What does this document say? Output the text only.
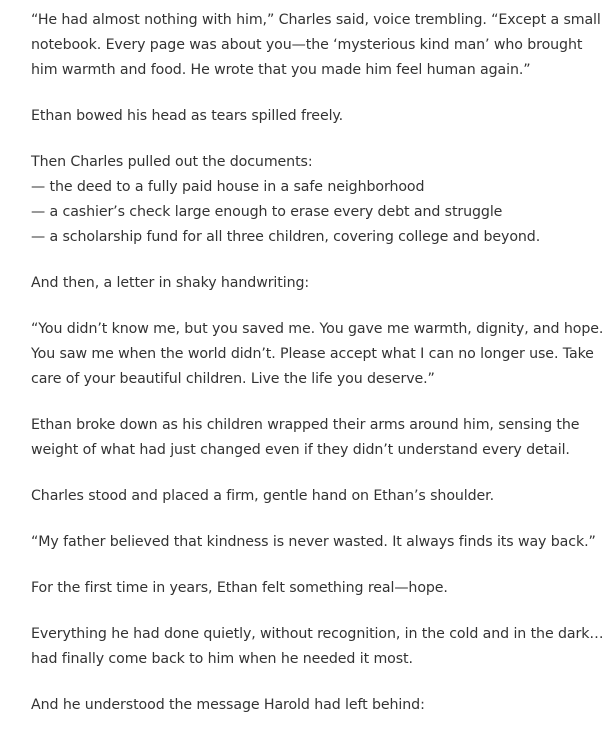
“He had almost nothing with him,” Charles said, voice trembling. “Except a small
notebook. Every page was about you—the ‘mysterious kind man’ who brought
him warmth and food. He wrote that you made him feel human again.”

Ethan bowed his head as tears spilled freely.

Then Charles pulled out the documents:
— the deed to a fully paid house in a safe neighborhood
— a cashier’s check large enough to erase every debt and struggle
— a scholarship fund for all three children, covering college and beyond.

And then, a letter in shaky handwriting:

“You didn’t know me, but you saved me. You gave me warmth, dignity, and hope.
You saw me when the world didn’t. Please accept what I can no longer use. Take
care of your beautiful children. Live the life you deserve.”

Ethan broke down as his children wrapped their arms around him, sensing the
weight of what had just changed even if they didn’t understand every detail.

Charles stood and placed a firm, gentle hand on Ethan’s shoulder.

“My father believed that kindness is never wasted. It always finds its way back.”

For the first time in years, Ethan felt something real—hope.

Everything he had done quietly, without recognition, in the cold and in the dark…
had finally come back to him when he needed it most.

And he understood the message Harold had left behind:
